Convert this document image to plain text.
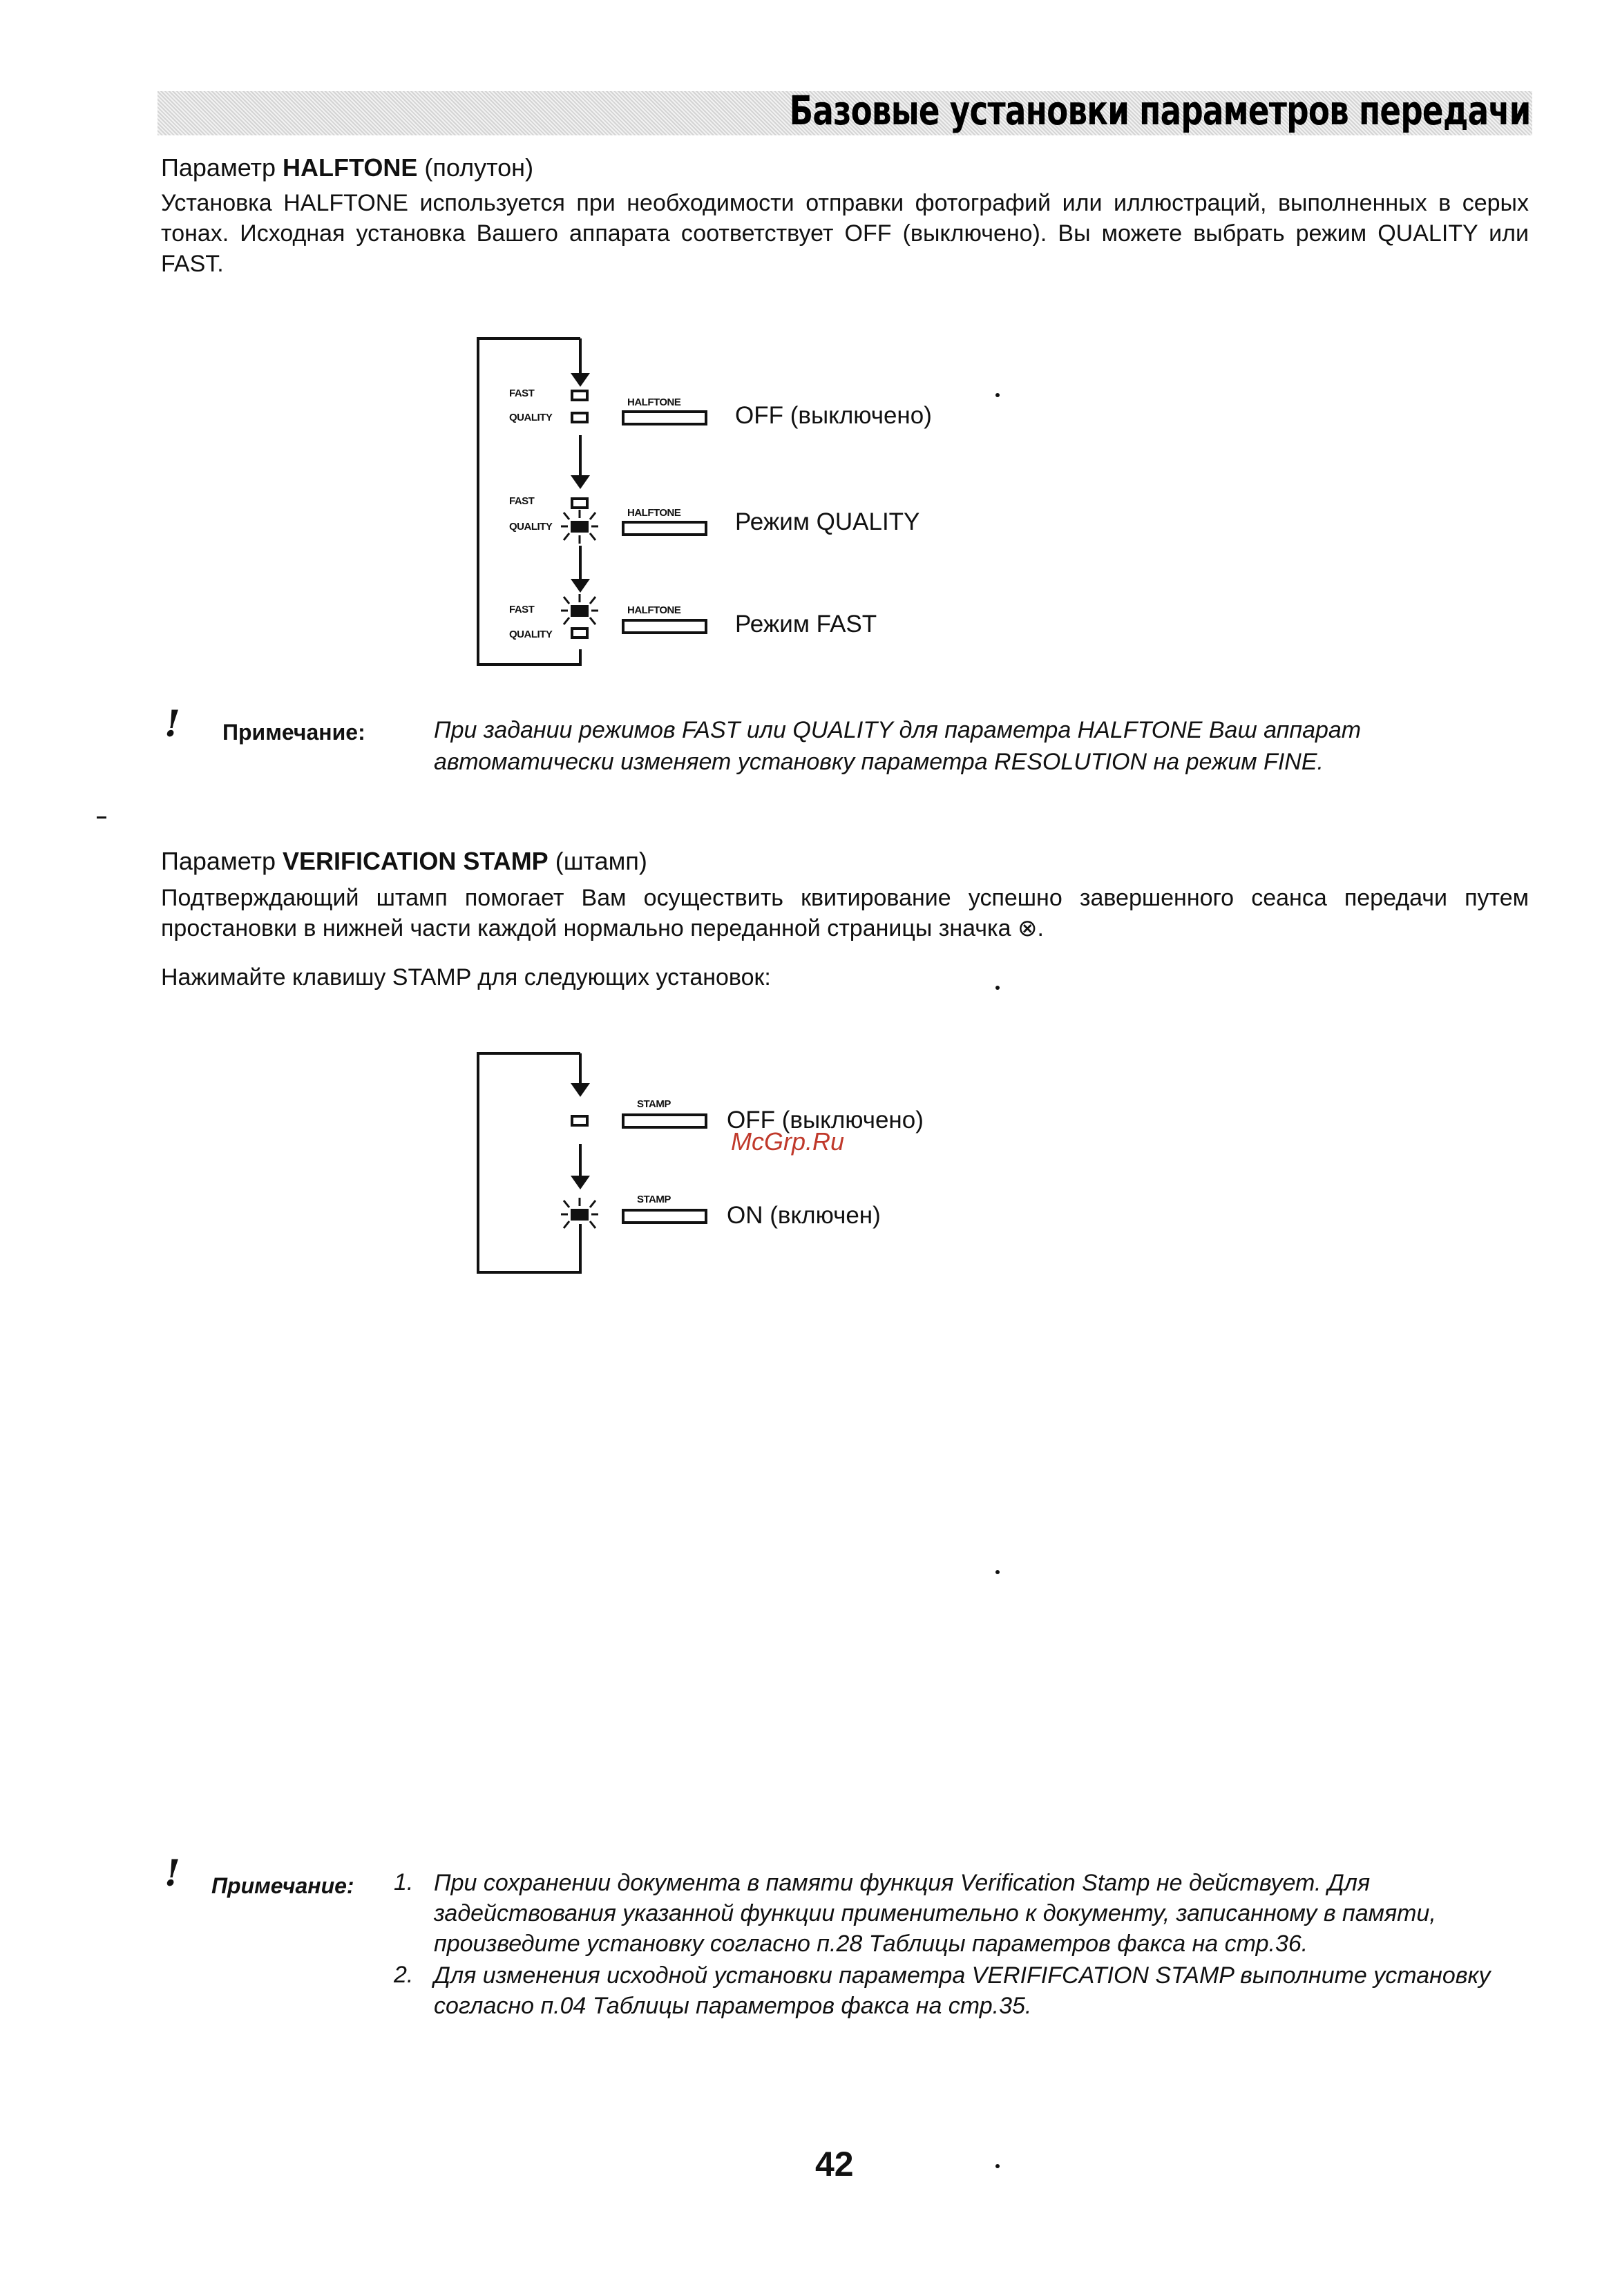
Базовые установки параметров передачи
Параметр HALFTONE (полутон)
Установка HALFTONE используется при необходимости отправки фотографий или иллюстраций, выполненных в серых тонах. Исходная установка Вашего аппарата соответствует OFF (выключено). Вы можете выбрать режим QUALITY или FAST.
FAST
QUALITY
HALFTONE OFF (выключено)
FAST
QUALITY
HALFTONE Режим QUALITY
FAST
QUALITY
HALFTONE
Режим FAST
! Примечание:	При задании режимов FAST или QUALITY для параметра HALFTONE Ваш аппарат автоматически изменяет установку параметра RESOLUTION на режим FINE.
Параметр VERIFICATION STAMP (штамп)
Подтверждающий штамп помогает Вам осуществить квитирование успешно завершенного сеанса передачи путем простановки в нижней части каждой нормально переданной страницы значка ⊗.
Нажимайте клавишу STAMP для следующих установок:
STAMP
OFF (выключено)
STAMP
ON (включен)
McGrp.Ru
! Примечание: 1. При сохранении документа в памяти функция Verification Stamp не действует. Для задействования указанной функции применительно к документу, записанному в памяти, произведите установку согласно п.28 Таблицы параметров факса на стр.36.
2. Для изменения исходной установки параметра VERIFIFCATION STAMP выполните установку согласно п.04 Таблицы параметров факса на стр.35.
42
